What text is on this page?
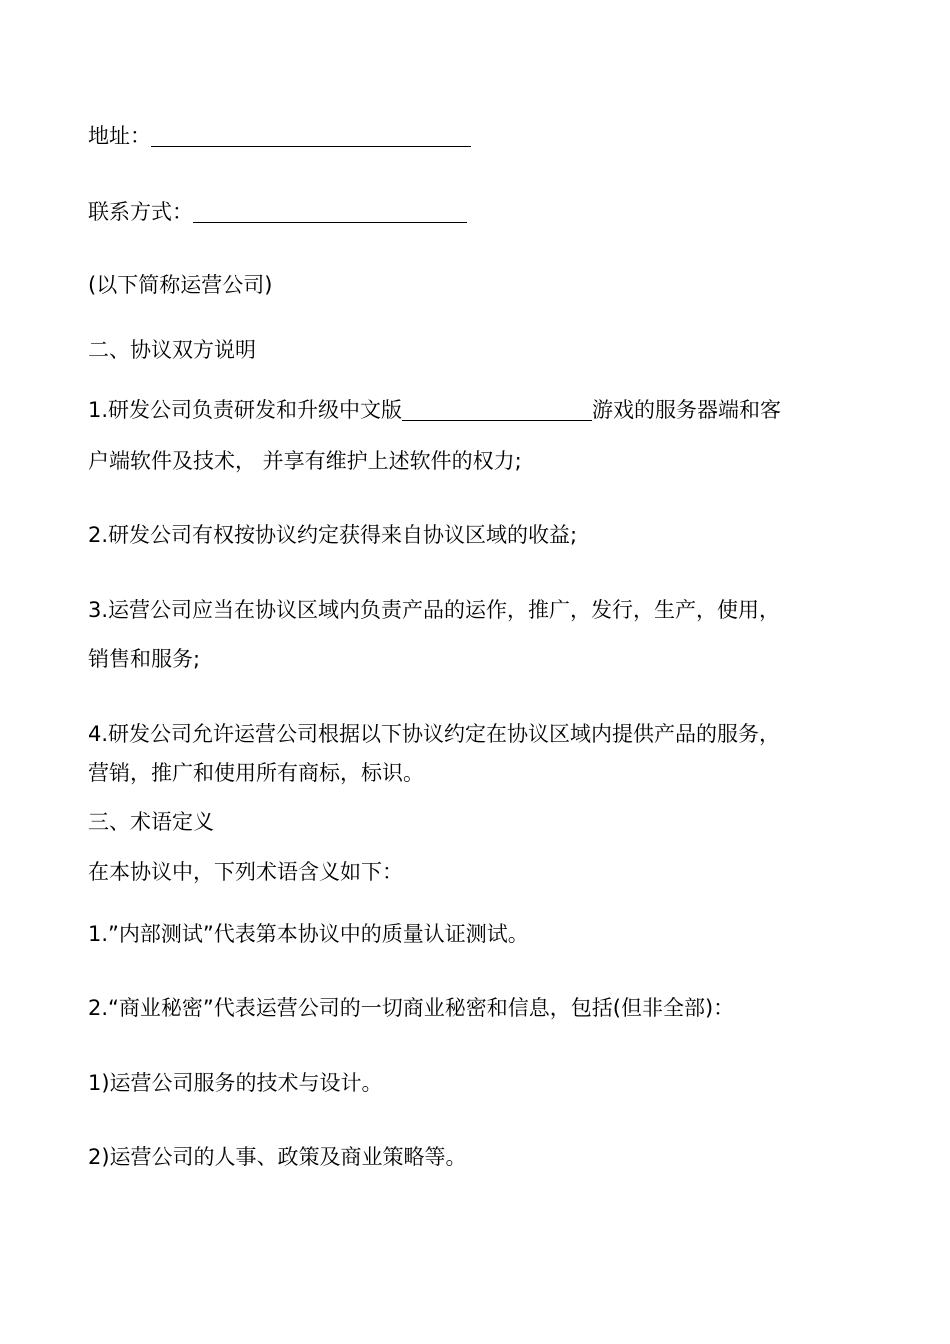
地址：
联系方式：
(以下简称运营公司)
二、协议双方说明
1.研发公司负责研发和升级中文版	游戏的服务器端和客
户端软件及技术， 并享有维护上述软件的权力;
2.研发公司有权按协议约定获得来自协议区域的收益;
3.运营公司应当在协议区域内负责产品的运作，推广，发行，生产，使用，
销售和服务;
4.研发公司允许运营公司根据以下协议约定在协议区域内提供产品的服务，
营销，推广和使用所有商标，标识。
三、术语定义
在本协议中，下列术语含义如下：
1.”内部测试”代表第本协议中的质量认证测试。
2.“商业秘密”代表运营公司的一切商业秘密和信息，包括(但非全部)：
1)运营公司服务的技术与设计。
2)运营公司的人事、政策及商业策略等。
